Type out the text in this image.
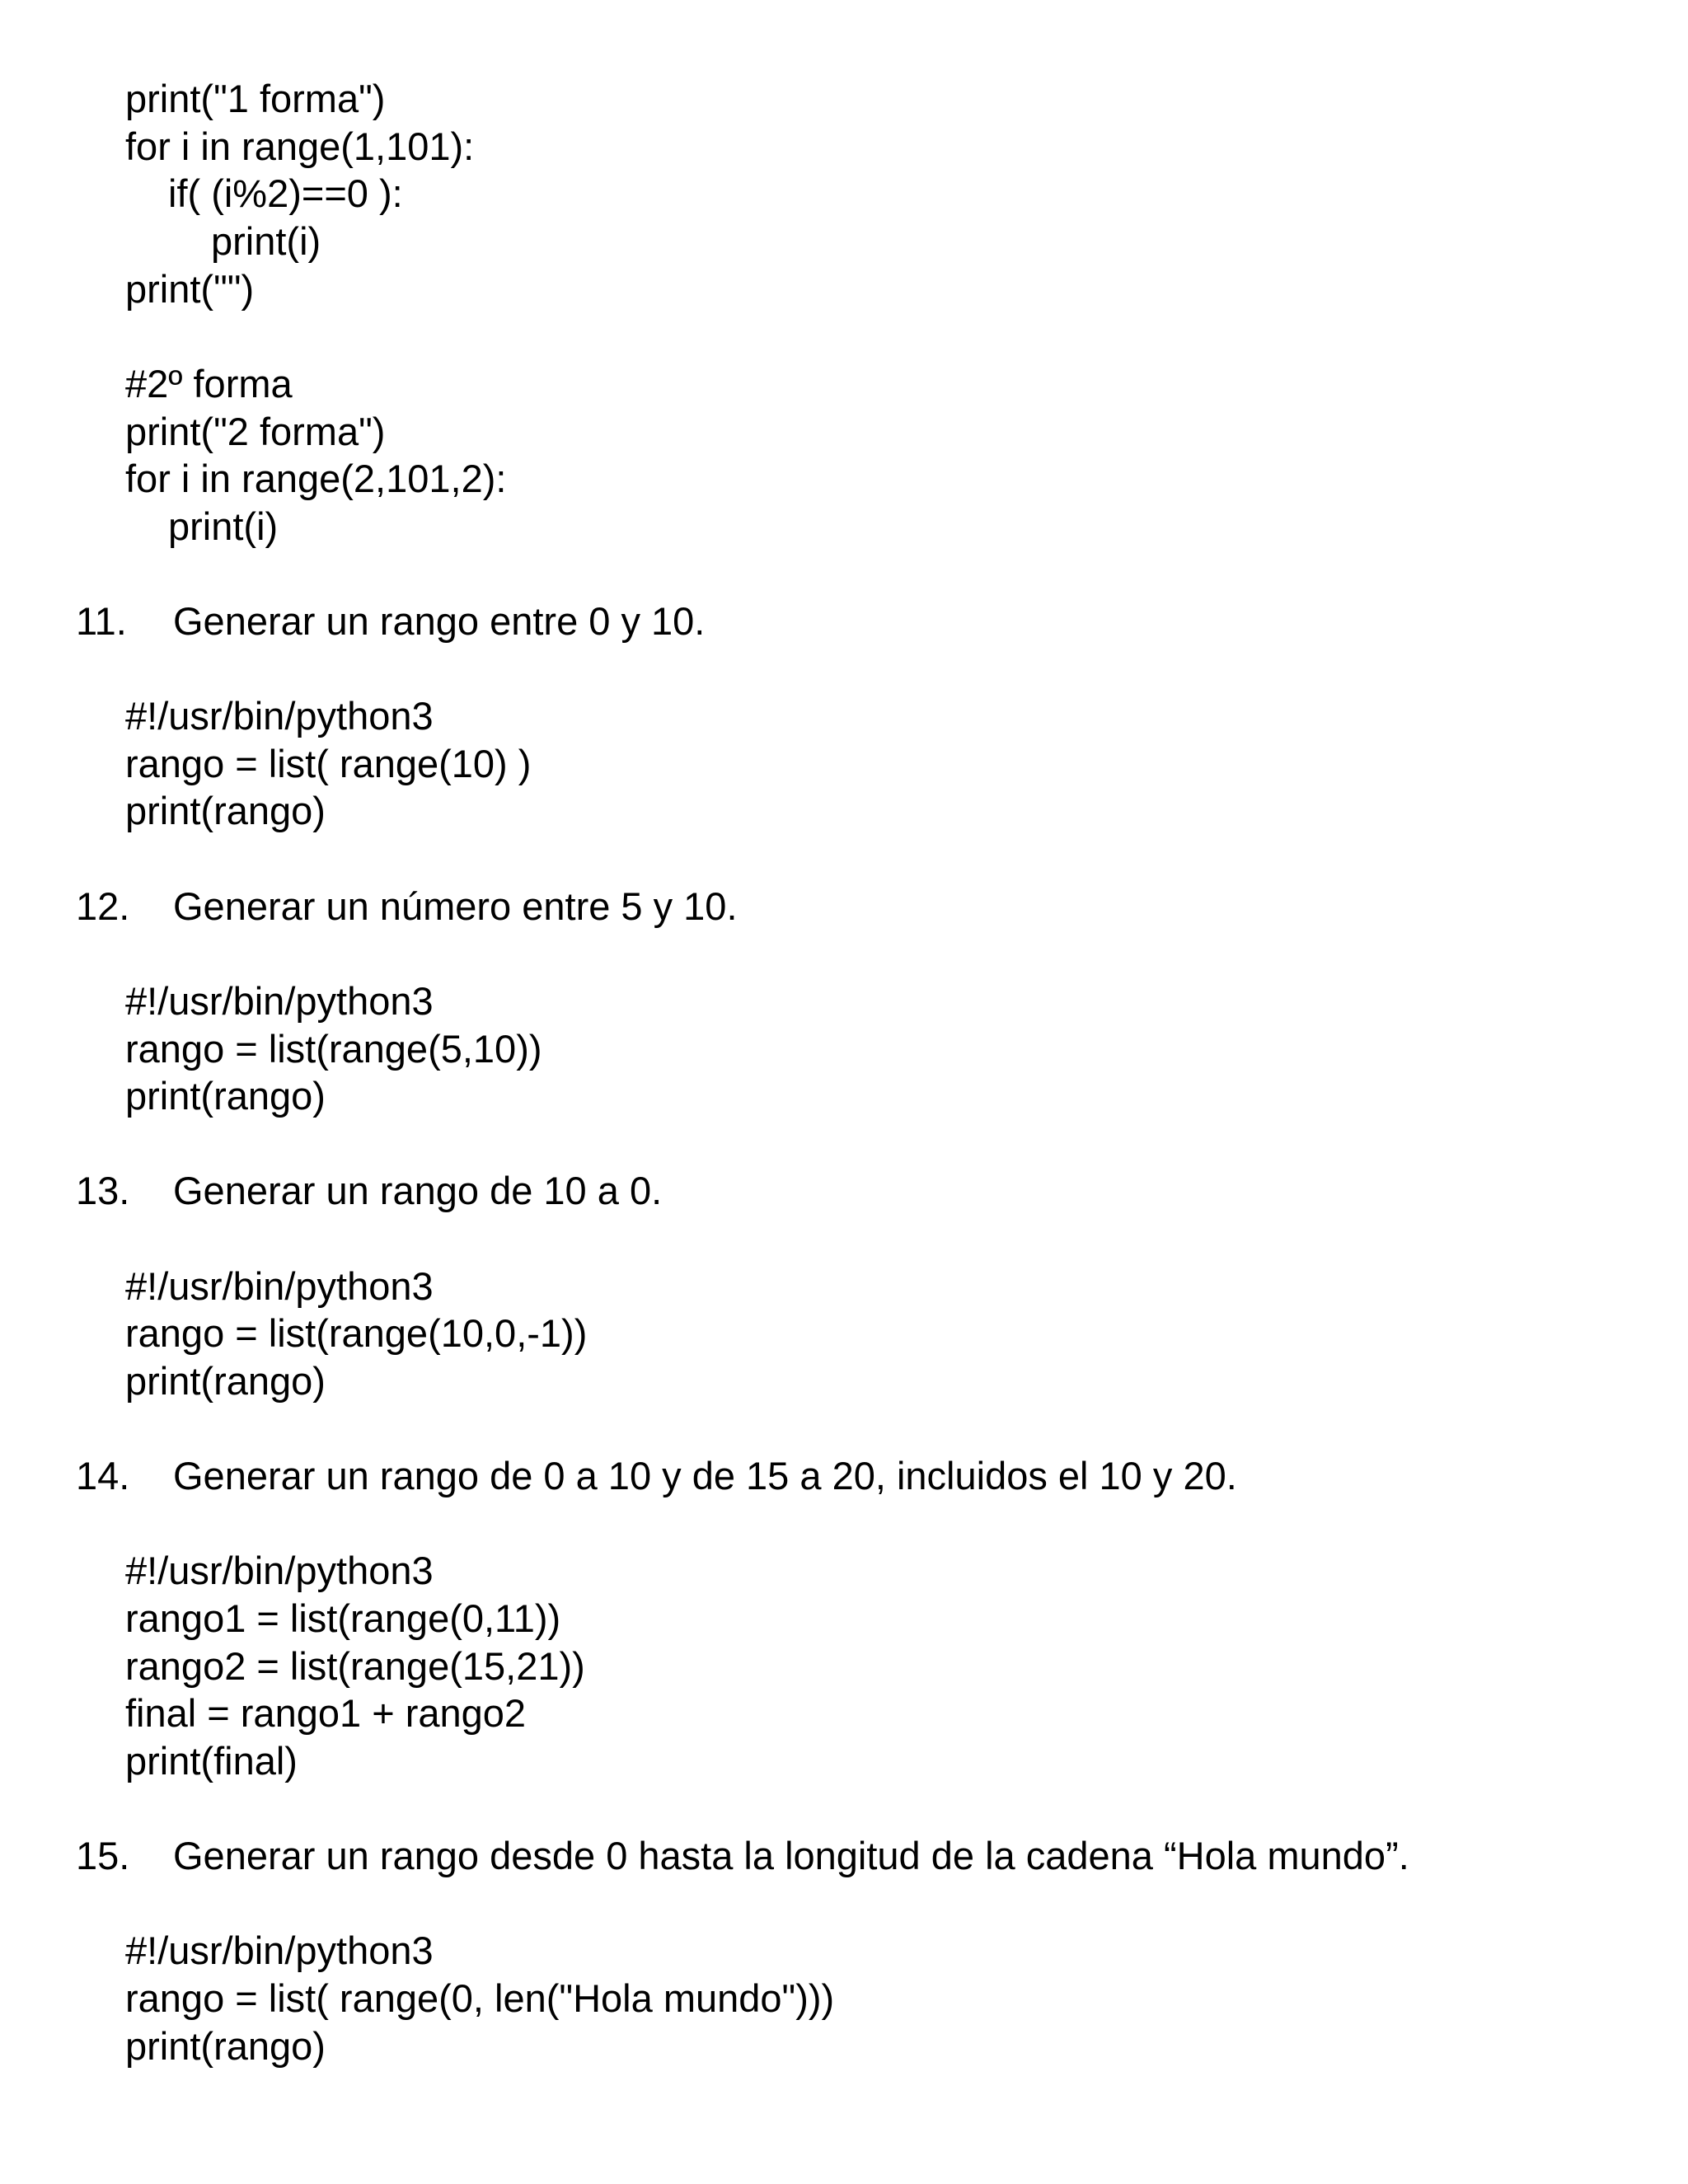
print("1 forma")
for i in range(1,101):
if( (i%2)==0 ):
print(i)
print("")
#2º forma
print("2 forma")
for i in range(2,101,2):
print(i)
11.	Generar un rango entre 0 y 10.
#!/usr/bin/python3
rango = list( range(10) )
print(rango)
12.	Generar un número entre 5 y 10.
#!/usr/bin/python3
rango = list(range(5,10))
print(rango)
13.	Generar un rango de 10 a 0.
#!/usr/bin/python3
rango = list(range(10,0,-1))
print(rango)
14.	Generar un rango de 0 a 10 y de 15 a 20, incluidos el 10 y 20.
#!/usr/bin/python3
rango1 = list(range(0,11))
rango2 = list(range(15,21))
final = rango1 + rango2
print(final)
15.	Generar un rango desde 0 hasta la longitud de la cadena “Hola mundo”.
#!/usr/bin/python3
rango = list( range(0, len("Hola mundo")))
print(rango)
